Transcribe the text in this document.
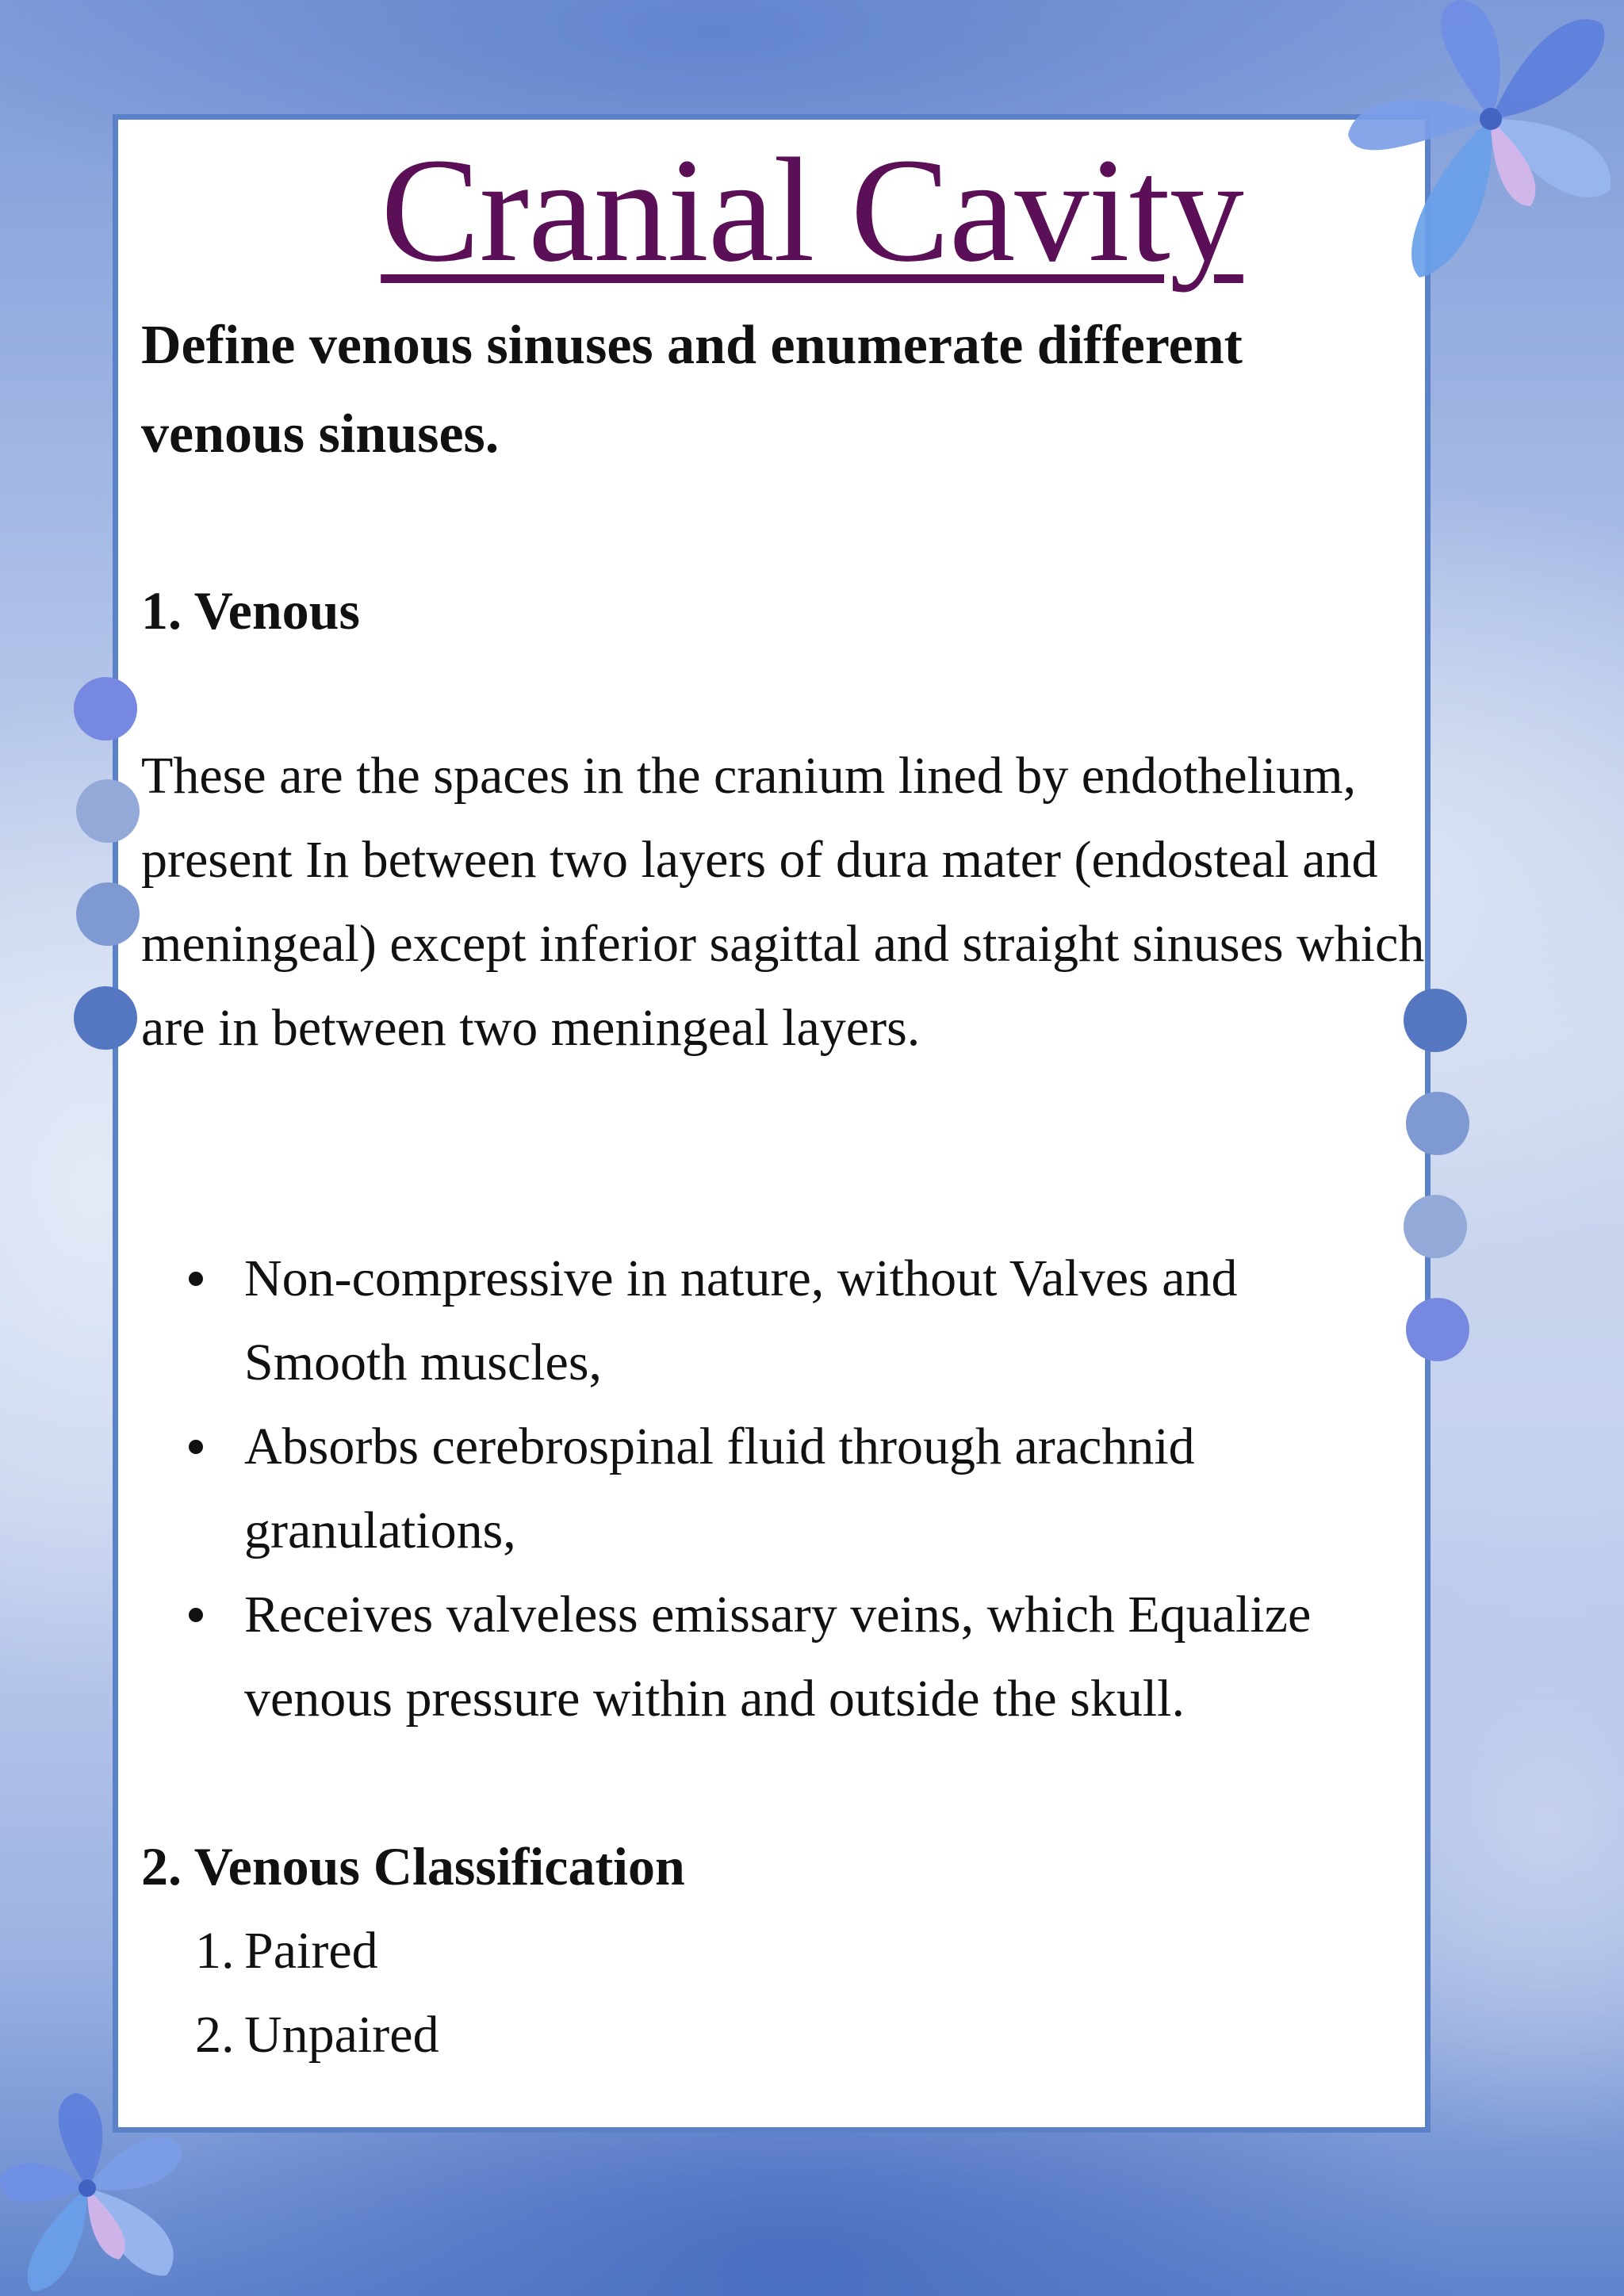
Cranial Cavity

Define venous sinuses and enumerate different venous sinuses.

1. Venous

These are the spaces in the cranium lined by endothelium, present In between two layers of dura mater (endosteal and meningeal) except inferior sagittal and straight sinuses which are in between two meningeal layers.

Non-compressive in nature, without Valves and Smooth muscles,
Absorbs cerebrospinal fluid through arachnid granulations,
Receives valveless emissary veins, which Equalize venous pressure within and outside the skull.
2. Venous Classification
1. Paired
2. Unpaired
